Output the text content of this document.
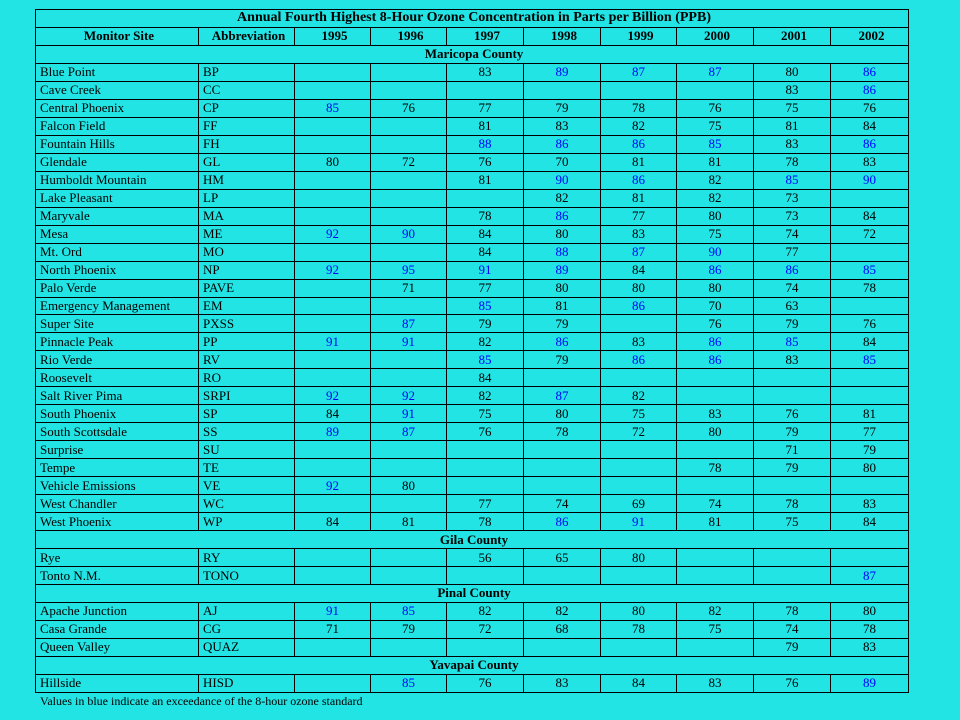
Annual Fourth Highest 8-Hour Ozone Concentration in Parts per Billion (PPB)									
Monitor Site	Abbreviation	1995	1996	1997	1998	1999	2000	2001	2002
Maricopa County									
Blue Point	BP			83	89	87	87	80	86
Cave Creek	CC							83	86
Central Phoenix	CP	85	76	77	79	78	76	75	76
Falcon Field	FF			81	83	82	75	81	84
Fountain Hills	FH			88	86	86	85	83	86
Glendale	GL	80	72	76	70	81	81	78	83
Humboldt Mountain	HM			81	90	86	82	85	90
Lake Pleasant	LP				82	81	82	73	
Maryvale	MA			78	86	77	80	73	84
Mesa	ME	92	90	84	80	83	75	74	72
Mt. Ord	MO			84	88	87	90	77	
North Phoenix	NP	92	95	91	89	84	86	86	85
Palo Verde	PAVE		71	77	80	80	80	74	78
Emergency Management	EM			85	81	86	70	63	
Super Site	PXSS		87	79	79		76	79	76
Pinnacle Peak	PP	91	91	82	86	83	86	85	84
Rio Verde	RV			85	79	86	86	83	85
Roosevelt	RO			84					
Salt River Pima	SRPI	92	92	82	87	82			
South Phoenix	SP	84	91	75	80	75	83	76	81
South Scottsdale	SS	89	87	76	78	72	80	79	77
Surprise	SU							71	79
Tempe	TE						78	79	80
Vehicle Emissions	VE	92	80						
West Chandler	WC			77	74	69	74	78	83
West Phoenix	WP	84	81	78	86	91	81	75	84
Gila County									
Rye	RY			56	65	80			
Tonto N.M.	TONO								87
Pinal County									
Apache Junction	AJ	91	85	82	82	80	82	78	80
Casa Grande	CG	71	79	72	68	78	75	74	78
Queen Valley	QUAZ							79	83
Yavapai County									
Hillside	HISD		85	76	83	84	83	76	89
Values in blue indicate an exceedance of the 8-hour ozone standard
